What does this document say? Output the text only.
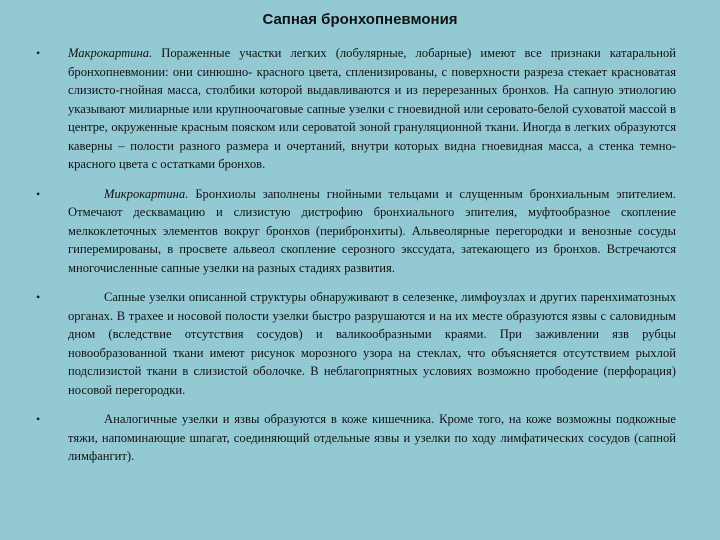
Сапная бронхопневмония

• Макрокартина. Пораженные участки легких (лобулярные, лобарные) имеют все признаки катаральной бронхопневмонии: они синюшно- красного цвета, спленизированы, с поверхности разреза стекает красноватая слизисто-гнойная масса, столбики которой выдавливаются и из перерезанных бронхов. На сапную этиологию указывают милиарные или крупноочаговые сапные узелки с гноевидной или серовато-белой суховатой массой в центре, окруженные красным пояском или сероватой зоной грануляционной ткани. Иногда в легких образуются каверны – полости разного размера и очертаний, внутри которых видна гноевидная масса, а стенка темно-красного цвета с остатками бронхов.

•	Микрокартина. Бронхиолы заполнены гнойными тельцами и слущенным бронхиальным эпителием. Отмечают десквамацию и слизистую дистрофию бронхиального эпителия, муфтообразное скопление мелкоклеточных элементов вокруг бронхов (перибронхиты). Альвеолярные перегородки и венозные сосуды гиперемированы, в просвете альвеол скопление серозного экссудата, затекающего из бронхов. Встречаются многочисленные сапные узелки на разных стадиях развития.

•	Сапные узелки описанной структуры обнаруживают в селезенке, лимфоузлах и других паренхиматозных органах. В трахее и носовой полости узелки быстро разрушаются и на их месте образуются язвы с саловидным дном (вследствие отсутствия сосудов) и валикообразными краями. При заживлении язв рубцы новообразованной ткани имеют рисунок морозного узора на стеклах, что объясняется отсутствием рыхлой подслизистой ткани в слизистой оболочке. В неблагоприятных условиях возможно прободение (перфорация) носовой перегородки.

•	Аналогичные узелки и язвы образуются в коже кишечника. Кроме того, на коже возможны подкожные тяжи, напоминающие шпагат, соединяющий отдельные язвы и узелки по ходу лимфатических сосудов (сапной лимфангит).
